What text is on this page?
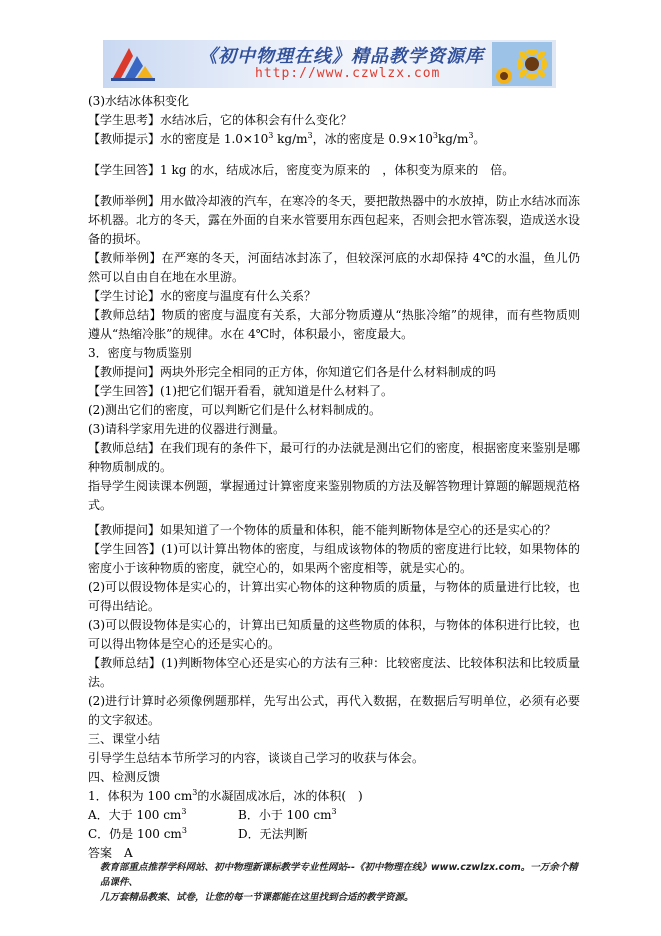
《初中物理在线》精品教学资源库
http://www.czwlzx.com

(3)水结冰体积变化

【学生思考】水结冰后，它的体积会有什么变化？

【教师提示】水的密度是 $1.0\times 10^3$ $kg/m^3$，冰的密度是 $0.9\times 10^3kg/m^3$。

【学生回答】1 kg 的水，结成冰后，密度变为原来的　，体积变为原来的　倍。

【教师举例】用水做冷却液的汽车，在寒冷的冬天，要把散热器中的水放掉，防止水结冰而冻坏机器。北方的冬天，露在外面的自来水管要用东西包起来，否则会把水管冻裂，造成送水设备的损坏。

【教师举例】在严寒的冬天，河面结冰封冻了，但较深河底的水却保持 4℃的水温，鱼儿仍然可以自由自在地在水里游。

【学生讨论】水的密度与温度有什么关系？

【教师总结】物质的密度与温度有关系，大部分物质遵从“热胀冷缩”的规律，而有些物质则遵从“热缩冷胀”的规律。水在 4℃时，体积最小，密度最大。

3．密度与物质鉴别

【教师提问】两块外形完全相同的正方体，你知道它们各是什么材料制成的吗

【学生回答】(1)把它们锯开看看，就知道是什么材料了。

(2)测出它们的密度，可以判断它们是什么材料制成的。

(3)请科学家用先进的仪器进行测量。

【教师总结】在我们现有的条件下，最可行的办法就是测出它们的密度，根据密度来鉴别是哪种物质制成的。

指导学生阅读课本例题，掌握通过计算密度来鉴别物质的方法及解答物理计算题的解题规范格式。

【教师提问】如果知道了一个物体的质量和体积，能不能判断物体是空心的还是实心的？

【学生回答】(1)可以计算出物体的密度，与组成该物体的物质的密度进行比较，如果物体的密度小于该种物质的密度，就空心的，如果两个密度相等，就是实心的。

(2)可以假设物体是实心的，计算出实心物体的这种物质的质量，与物体的质量进行比较，也可得出结论。

(3)可以假设物体是实心的，计算出已知质量的这些物质的体积，与物体的体积进行比较，也可以得出物体是空心的还是实心的。

【教师总结】(1)判断物体空心还是实心的方法有三种：比较密度法、比较体积法和比较质量法。

(2)进行计算时必须像例题那样，先写出公式，再代入数据，在数据后写明单位，必须有必要的文字叙述。

三、课堂小结

引导学生总结本节所学习的内容，谈谈自己学习的收获与体会。

四、检测反馈

1．体积为 100 $cm^3$的水凝固成冰后，冰的体积(　)

A．大于 100 $cm^3$	B．小于 100 $cm^3$
C．仍是 100 $cm^3$	D．无法判断

答案　A

教育部重点推荐学科网站、初中物理新课标教学专业性网站--《初中物理在线》www.czwlzx.com。一万余个精品课件、
几万套精品教案、试卷，让您的每一节课都能在这里找到合适的教学资源。
